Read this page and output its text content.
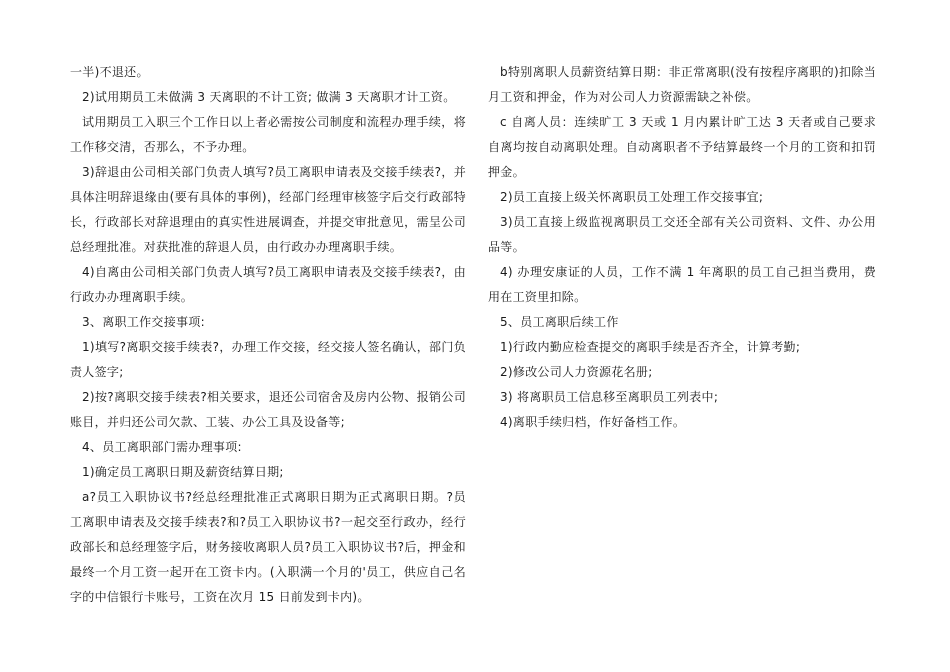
一半)不退还。

2)试用期员工未做满 3 天离职的不计工资; 做满 3 天离职才计工资。

试用期员工入职三个工作日以上者必需按公司制度和流程办理手续，将工作移交清，否那么，不予办理。

3)辞退由公司相关部门负责人填写?员工离职申请表及交接手续表?，并具体注明辞退缘由(要有具体的事例)，经部门经理审核签字后交行政部特长，行政部长对辞退理由的真实性进展调查，并提交审批意见，需呈公司总经理批准。对获批准的辞退人员，由行政办办理离职手续。

4)自离由公司相关部门负责人填写?员工离职申请表及交接手续表?，由行政办办理离职手续。

3、离职工作交接事项:

1)填写?离职交接手续表?，办理工作交接，经交接人签名确认，部门负责人签字;

2)按?离职交接手续表?相关要求，退还公司宿舍及房内公物、报销公司账目，并归还公司欠款、工装、办公工具及设备等;

4、员工离职部门需办理事项:

1)确定员工离职日期及薪资结算日期;

a?员工入职协议书?经总经理批准正式离职日期为正式离职日期。?员工离职申请表及交接手续表?和?员工入职协议书?一起交至行政办，经行政部长和总经理签字后，财务接收离职人员?员工入职协议书?后，押金和最终一个月工资一起开在工资卡内。(入职满一个月的'员工，供应自己名字的中信银行卡账号，工资在次月 15 日前发到卡内)。

b特别离职人员薪资结算日期：非正常离职(没有按程序离职的)扣除当月工资和押金，作为对公司人力资源需缺之补偿。

c 自离人员：连续旷工 3 天或 1 月内累计旷工达 3 天者或自己要求自离均按自动离职处理。自动离职者不予结算最终一个月的工资和扣罚押金。

2)员工直接上级关怀离职员工处理工作交接事宜;

3)员工直接上级监视离职员工交还全部有关公司资料、文件、办公用品等。

4) 办理安康证的人员，工作不满 1 年离职的员工自己担当费用，费用在工资里扣除。

5、员工离职后续工作

1)行政内勤应检查提交的离职手续是否齐全，计算考勤;

2)修改公司人力资源花名册;

3) 将离职员工信息移至离职员工列表中;

4)离职手续归档，作好备档工作。
